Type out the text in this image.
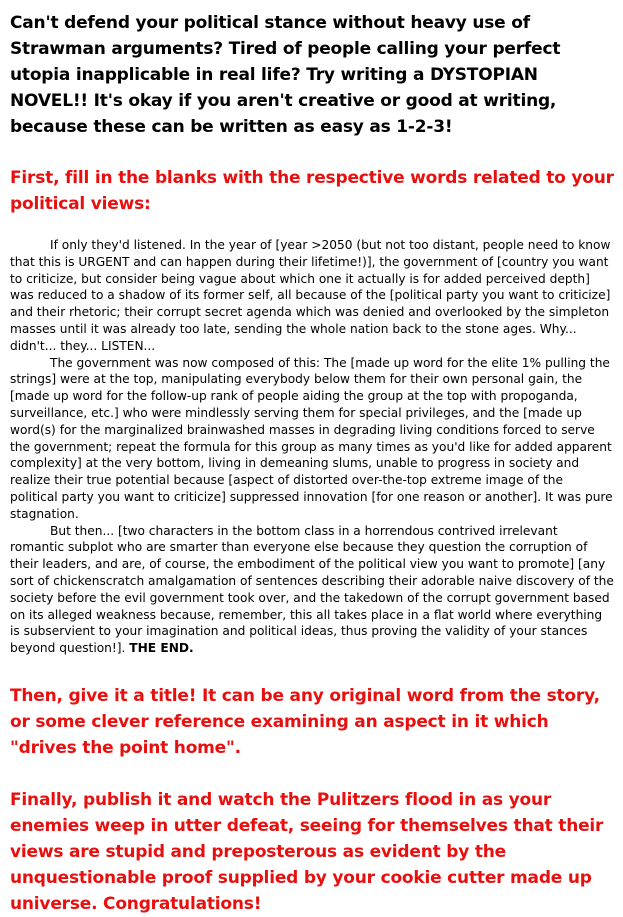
Can't defend your political stance without heavy use of Strawman arguments? Tired of people calling your perfect utopia inapplicable in real life? Try writing a DYSTOPIAN NOVEL!! It's okay if you aren't creative or good at writing, because these can be written as easy as 1-2-3!

First, fill in the blanks with the respective words related to your political views:

If only they'd listened. In the year of [year >2050 (but not too distant, people need to know that this is URGENT and can happen during their lifetime!)], the government of [country you want to criticize, but consider being vague about which one it actually is for added perceived depth] was reduced to a shadow of its former self, all because of the [political party you want to criticize] and their rhetoric; their corrupt secret agenda which was denied and overlooked by the simpleton masses until it was already too late, sending the whole nation back to the stone ages. Why... didn't... they... LISTEN...

The government was now composed of this: The [made up word for the elite 1% pulling the strings] were at the top, manipulating everybody below them for their own personal gain, the [made up word for the follow-up rank of people aiding the group at the top with propoganda, surveillance, etc.] who were mindlessly serving them for special privileges, and the [made up word(s) for the marginalized brainwashed masses in degrading living conditions forced to serve the government; repeat the formula for this group as many times as you'd like for added apparent complexity] at the very bottom, living in demeaning slums, unable to progress in society and realize their true potential because [aspect of distorted over-the-top extreme image of the political party you want to criticize] suppressed innovation [for one reason or another]. It was pure stagnation.

But then... [two characters in the bottom class in a horrendous contrived irrelevant romantic subplot who are smarter than everyone else because they question the corruption of their leaders, and are, of course, the embodiment of the political view you want to promote] [any sort of chickenscratch amalgamation of sentences describing their adorable naive discovery of the society before the evil government took over, and the takedown of the corrupt government based on its alleged weakness because, remember, this all takes place in a flat world where everything is subservient to your imagination and political ideas, thus proving the validity of your stances beyond question!]. THE END.

Then, give it a title! It can be any original word from the story, or some clever reference examining an aspect in it which "drives the point home".

Finally, publish it and watch the Pulitzers flood in as your enemies weep in utter defeat, seeing for themselves that their views are stupid and preposterous as evident by the unquestionable proof supplied by your cookie cutter made up universe. Congratulations!
